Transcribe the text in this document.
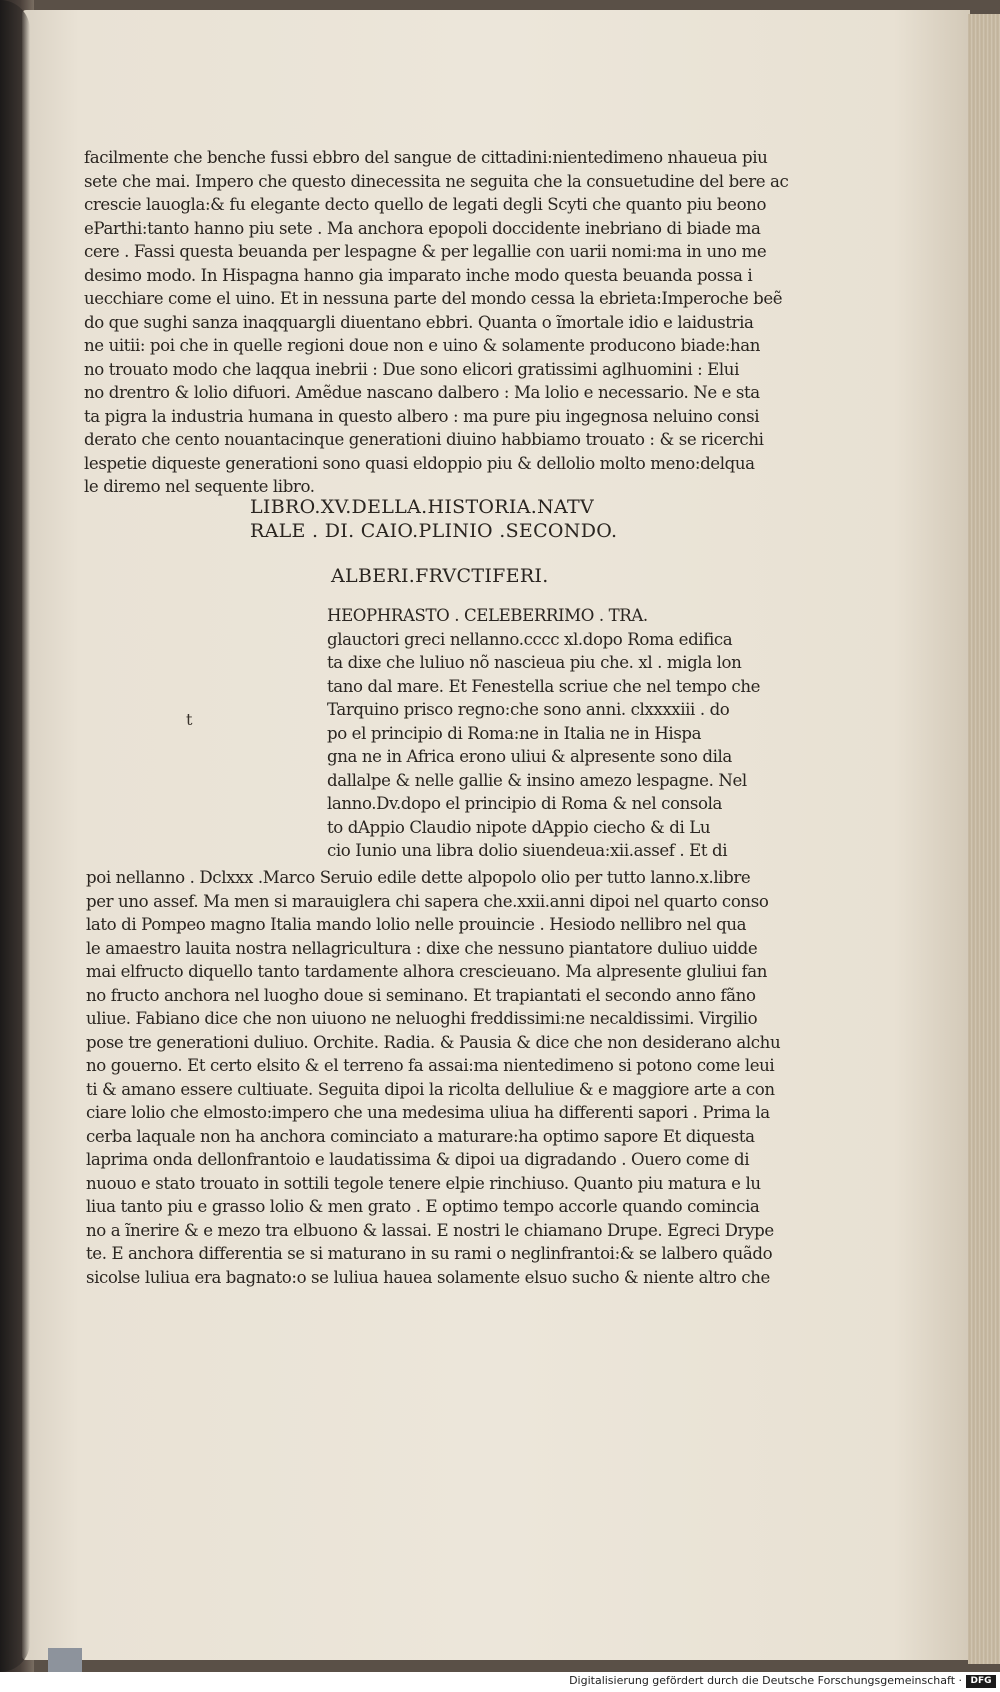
facilmente che benche fussi ebbro del sangue de cittadini:nientedimeno nhaueua piu
sete che mai. Impero che questo dinecessita ne seguita che la consuetudine del bere ac
crescie lauogla:& fu elegante decto quello de legati degli Scyti che quanto piu beono
eParthi:tanto hanno piu sete . Ma anchora epopoli doccidente inebriano di biade ma
cere . Fassi questa beuanda per lespagne & per legallie con uarii nomi:ma in uno me
desimo modo. In Hispagna hanno gia imparato inche modo questa beuanda possa i
uecchiare come el uino. Et in nessuna parte del mondo cessa la ebrieta:Imperoche beẽ
do que sughi sanza inaqquargli diuentano ebbri. Quanta o ĩmortale idio e laidustria
ne uitii: poi che in quelle regioni doue non e uino & solamente producono biade:han
no trouato modo che laqqua inebrii : Due sono elicori gratissimi aglhuomini : Elui
no drentro & lolio difuori. Amẽdue nascano dalbero : Ma lolio e necessario. Ne e sta
ta pigra la industria humana in questo albero : ma pure piu ingegnosa neluino consi
derato che cento nouantacinque generationi diuino habbiamo trouato : & se ricerchi
lespetie diqueste generationi sono quasi eldoppio piu & dellolio molto meno:delqua
le diremo nel sequente libro.
LIBRO.XV.DELLA.HISTORIA.NATV
RALE . DI. CAIO.PLINIO .SECONDO.
ALBERI.FRVCTIFERI.
t
HEOPHRASTO . CELEBERRIMO . TRA.
glauctori greci nellanno.cccc xl.dopo Roma edifica
ta dixe che luliuo nõ nascieua piu che. xl . migla lon
tano dal mare. Et Fenestella scriue che nel tempo che
Tarquino prisco regno:che sono anni. clxxxxiii . do
po el principio di Roma:ne in Italia ne in Hispa
gna ne in Africa erono uliui & alpresente sono dila
dallalpe & nelle gallie & insino amezo lespagne. Nel
lanno.Dv.dopo el principio di Roma & nel consola
to dAppio Claudio nipote dAppio ciecho & di Lu
cio Iunio una libra dolio siuendeua:xii.assef . Et di
poi nellanno . Dclxxx .Marco Seruio edile dette alpopolo olio per tutto lanno.x.libre
per uno assef. Ma men si marauiglera chi sapera che.xxii.anni dipoi nel quarto conso
lato di Pompeo magno Italia mando lolio nelle prouincie . Hesiodo nellibro nel qua
le amaestro lauita nostra nellagricultura : dixe che nessuno piantatore duliuo uidde
mai elfructo diquello tanto tardamente alhora crescieuano. Ma alpresente gluliui fan
no fructo anchora nel luogho doue si seminano. Et trapiantati el secondo anno fãno
uliue. Fabiano dice che non uiuono ne neluoghi freddissimi:ne necaldissimi. Virgilio
pose tre generationi duliuo. Orchite. Radia. & Pausia & dice che non desiderano alchu
no gouerno. Et certo elsito & el terreno fa assai:ma nientedimeno si potono come leui
ti & amano essere cultiuate. Seguita dipoi la ricolta delluliue & e maggiore arte a con
ciare lolio che elmosto:impero che una medesima uliua ha differenti sapori . Prima la
cerba laquale non ha anchora cominciato a maturare:ha optimo sapore Et diquesta
laprima onda dellonfrantoio e laudatissima & dipoi ua digradando . Ouero come di
nuouo e stato trouato in sottili tegole tenere elpie rinchiuso. Quanto piu matura e lu
liua tanto piu e grasso lolio & men grato . E optimo tempo accorle quando comincia
no a ĩnerire & e mezo tra elbuono & lassai. E nostri le chiamano Drupe. Egreci Drype
te. E anchora differentia se si maturano in su rami o neglinfrantoi:& se lalbero quãdo
sicolse luliua era bagnato:o se luliua hauea solamente elsuo sucho & niente altro che
Digitalisierung gefördert durch die Deutsche Forschungsgemeinschaft · DFG
